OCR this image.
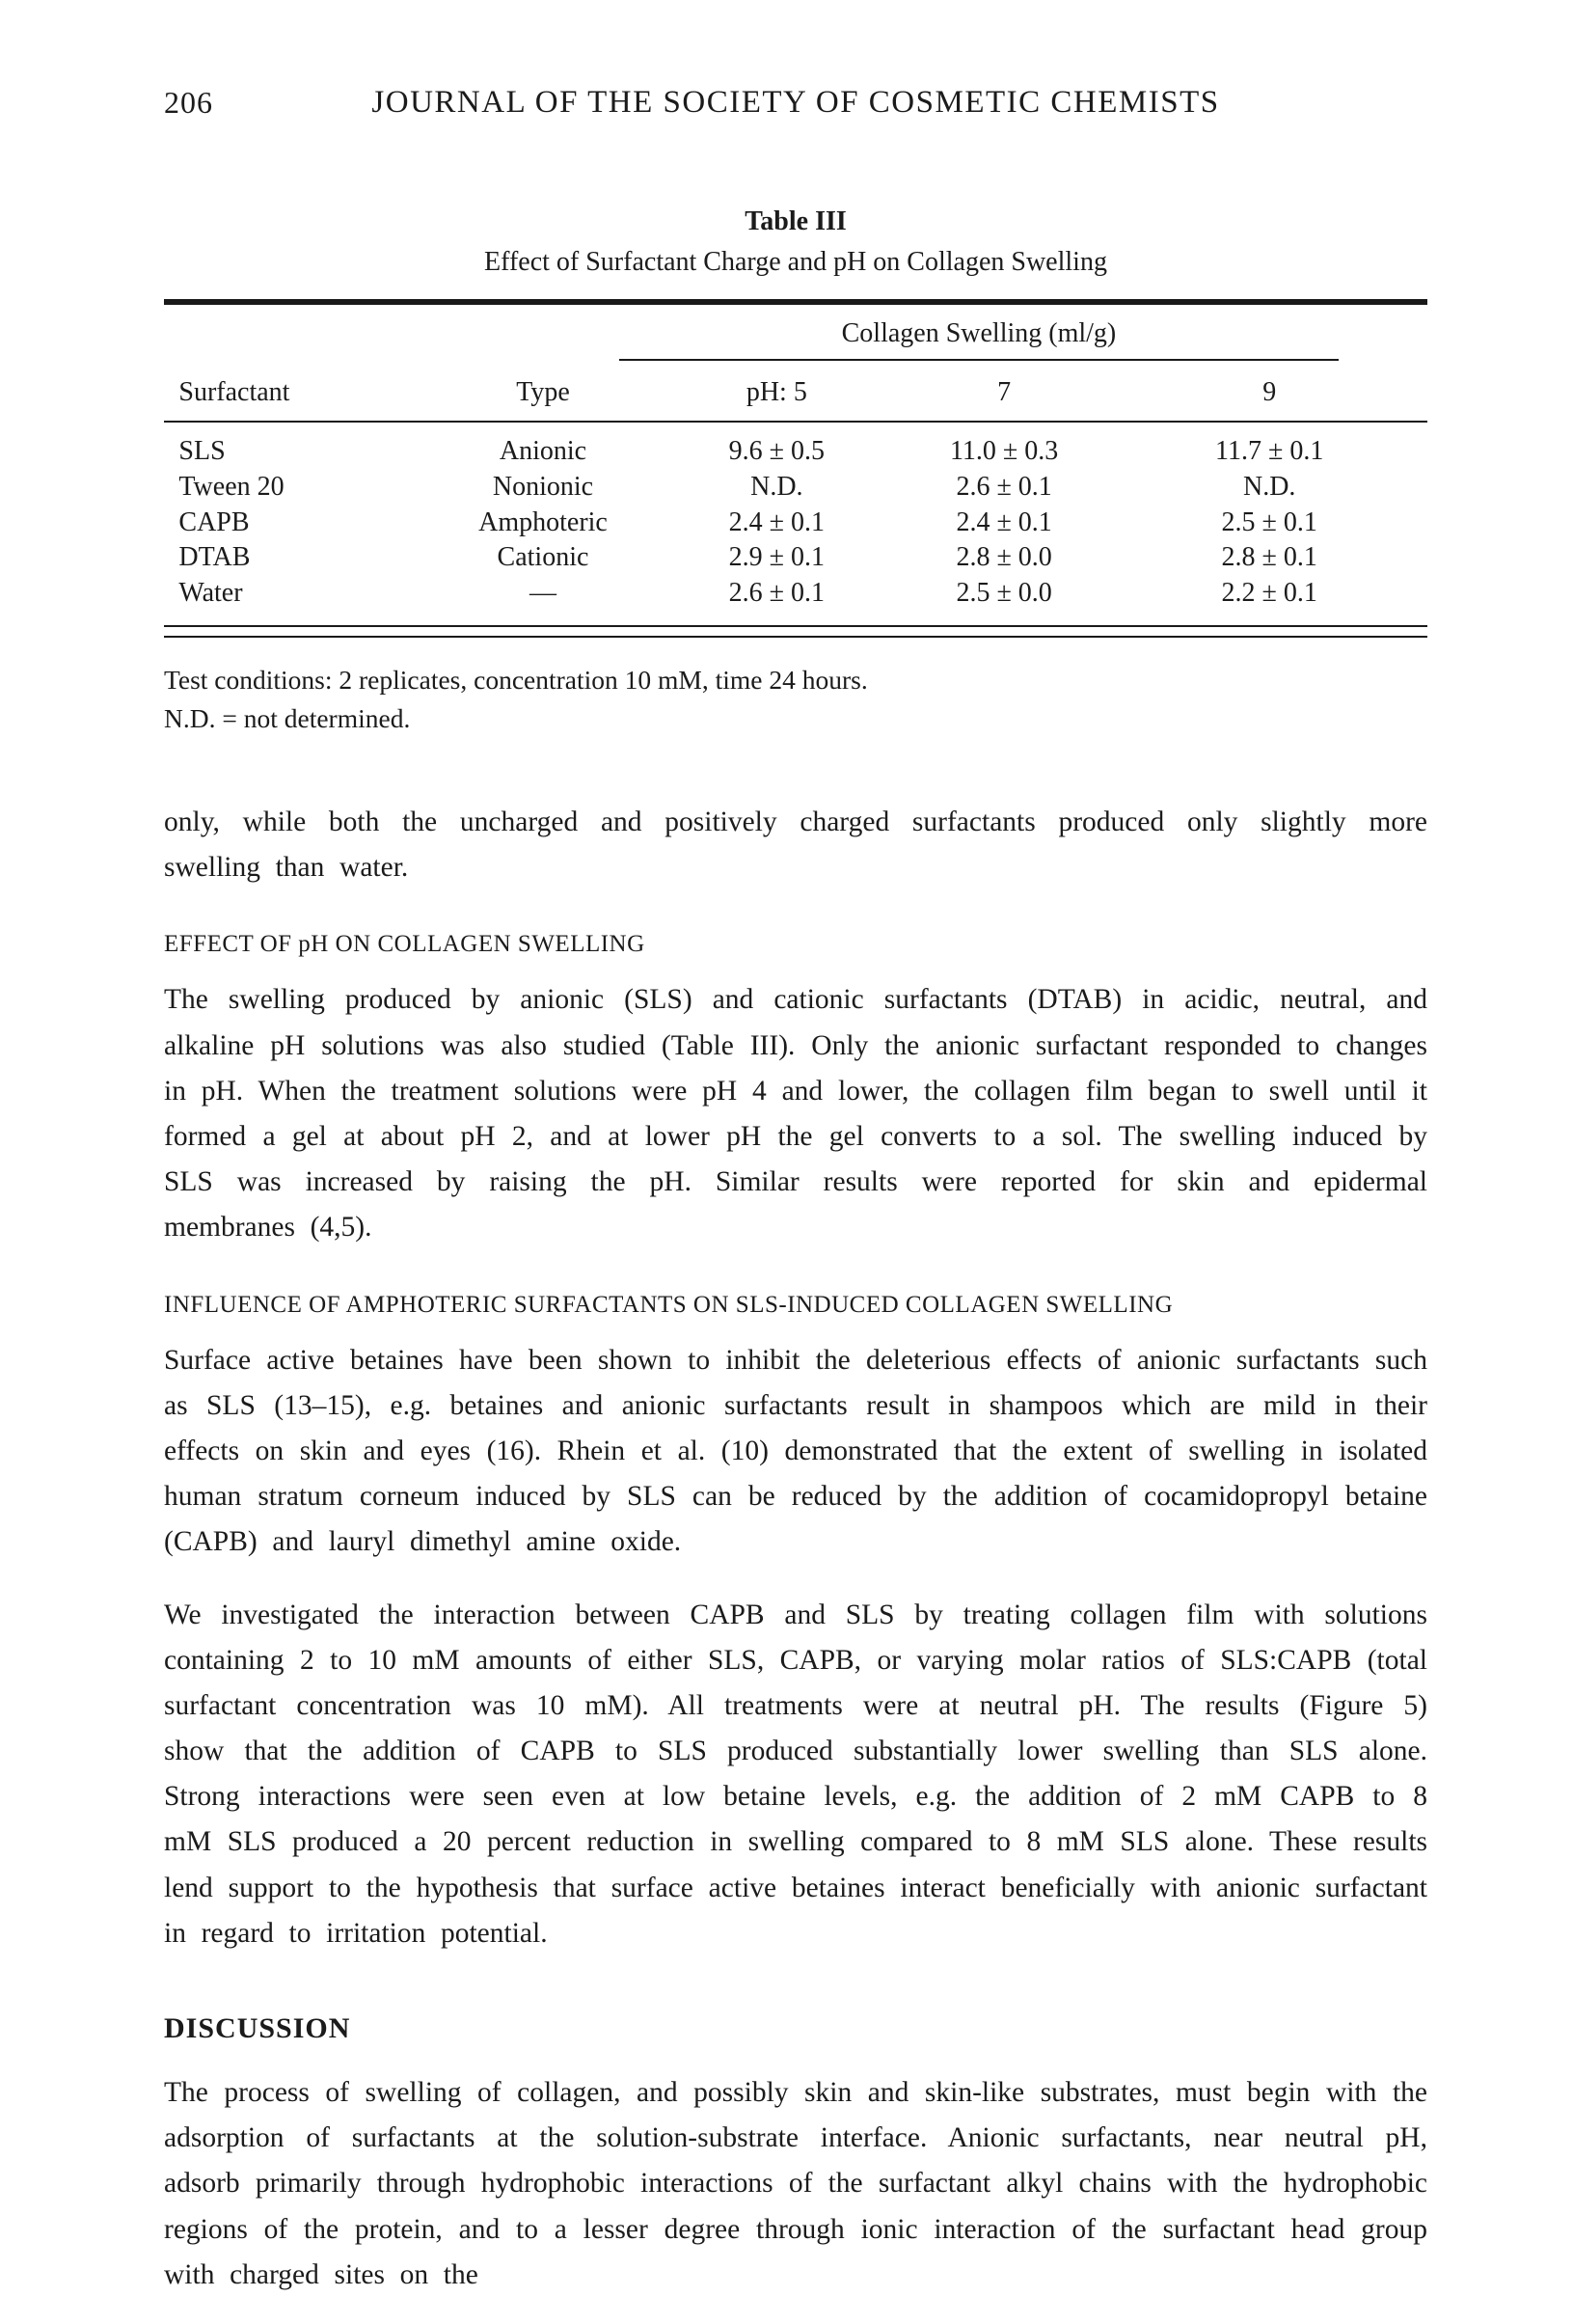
206	JOURNAL OF THE SOCIETY OF COSMETIC CHEMISTS
Table III
Effect of Surfactant Charge and pH on Collagen Swelling
Collagen Swelling (ml/g)
Surfactant	Type	pH: 5	7	9
SLS	Anionic	9.6 ± 0.5	11.0 ± 0.3	11.7 ± 0.1
Tween 20	Nonionic	N.D.	2.6 ± 0.1	N.D.
CAPB	Amphoteric	2.4 ± 0.1	2.4 ± 0.1	2.5 ± 0.1
DTAB	Cationic	2.9 ± 0.1	2.8 ± 0.0	2.8 ± 0.1
Water	—	2.6 ± 0.1	2.5 ± 0.0	2.2 ± 0.1
Test conditions: 2 replicates, concentration 10 mM, time 24 hours.
N.D. = not determined.

only, while both the uncharged and positively charged surfactants produced only slightly more swelling than water.

EFFECT OF pH ON COLLAGEN SWELLING

The swelling produced by anionic (SLS) and cationic surfactants (DTAB) in acidic, neutral, and alkaline pH solutions was also studied (Table III). Only the anionic surfactant responded to changes in pH. When the treatment solutions were pH 4 and lower, the collagen film began to swell until it formed a gel at about pH 2, and at lower pH the gel converts to a sol. The swelling induced by SLS was increased by raising the pH. Similar results were reported for skin and epidermal membranes (4,5).

INFLUENCE OF AMPHOTERIC SURFACTANTS ON SLS-INDUCED COLLAGEN SWELLING

Surface active betaines have been shown to inhibit the deleterious effects of anionic surfactants such as SLS (13–15), e.g. betaines and anionic surfactants result in shampoos which are mild in their effects on skin and eyes (16). Rhein et al. (10) demonstrated that the extent of swelling in isolated human stratum corneum induced by SLS can be reduced by the addition of cocamidopropyl betaine (CAPB) and lauryl dimethyl amine oxide.

We investigated the interaction between CAPB and SLS by treating collagen film with solutions containing 2 to 10 mM amounts of either SLS, CAPB, or varying molar ratios of SLS:CAPB (total surfactant concentration was 10 mM). All treatments were at neutral pH. The results (Figure 5) show that the addition of CAPB to SLS produced substantially lower swelling than SLS alone. Strong interactions were seen even at low betaine levels, e.g. the addition of 2 mM CAPB to 8 mM SLS produced a 20 percent reduction in swelling compared to 8 mM SLS alone. These results lend support to the hypothesis that surface active betaines interact beneficially with anionic surfactant in regard to irritation potential.

DISCUSSION

The process of swelling of collagen, and possibly skin and skin-like substrates, must begin with the adsorption of surfactants at the solution-substrate interface. Anionic surfactants, near neutral pH, adsorb primarily through hydrophobic interactions of the surfactant alkyl chains with the hydrophobic regions of the protein, and to a lesser degree through ionic interaction of the surfactant head group with charged sites on the
